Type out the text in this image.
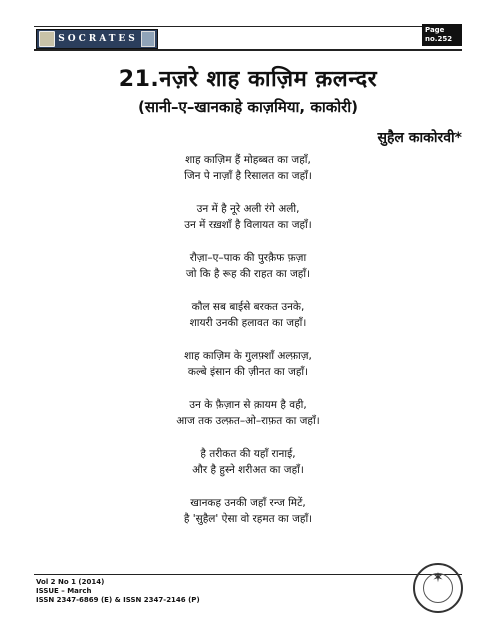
SOCRATES
Page
no.252
21.नज़रे शाह काज़िम क़लन्दर
(सानी–ए–खानकाहे काज़मिया, काकोरी)
सुहैल काकोरवी*
शाह काज़िम हैं मोहब्बत का जहाँ,
जिन पे नाज़ाँ है रिसालत का जहाँ।
उन में है नूरे अली रंगे अली,
उन में रख़शाँ है विलायत का जहाँ।
रौज़ा–ए–पाक की पुरक़ैफ फ़ज़ा
जो कि है रूह की राहत का जहाँ।
कौल सब बाईसे बरकत उनके,
शायरी उनकी हलावत का जहाँ।
शाह काज़िम के गुलफ़्शाँ अल्फ़ाज़,
कल्बे इंसान की ज़ीनत का जहाँ।
उन के फ़ैज़ान से क़ायम है वही,
आज तक उल्फ़त–ओ–राफ़त का जहाँ।
है तरीकत की यहाँ रानाई,
और है हुस्ने शरीअत का जहाँ।
खानकह उनकी जहाँ रन्ज मिटें,
है 'सुहैल' ऐसा वो रहमत का जहाँ।
Vol 2 No 1 (2014)
ISSUE – March
ISSN 2347-6869 (E) & ISSN 2347-2146 (P)
✶
